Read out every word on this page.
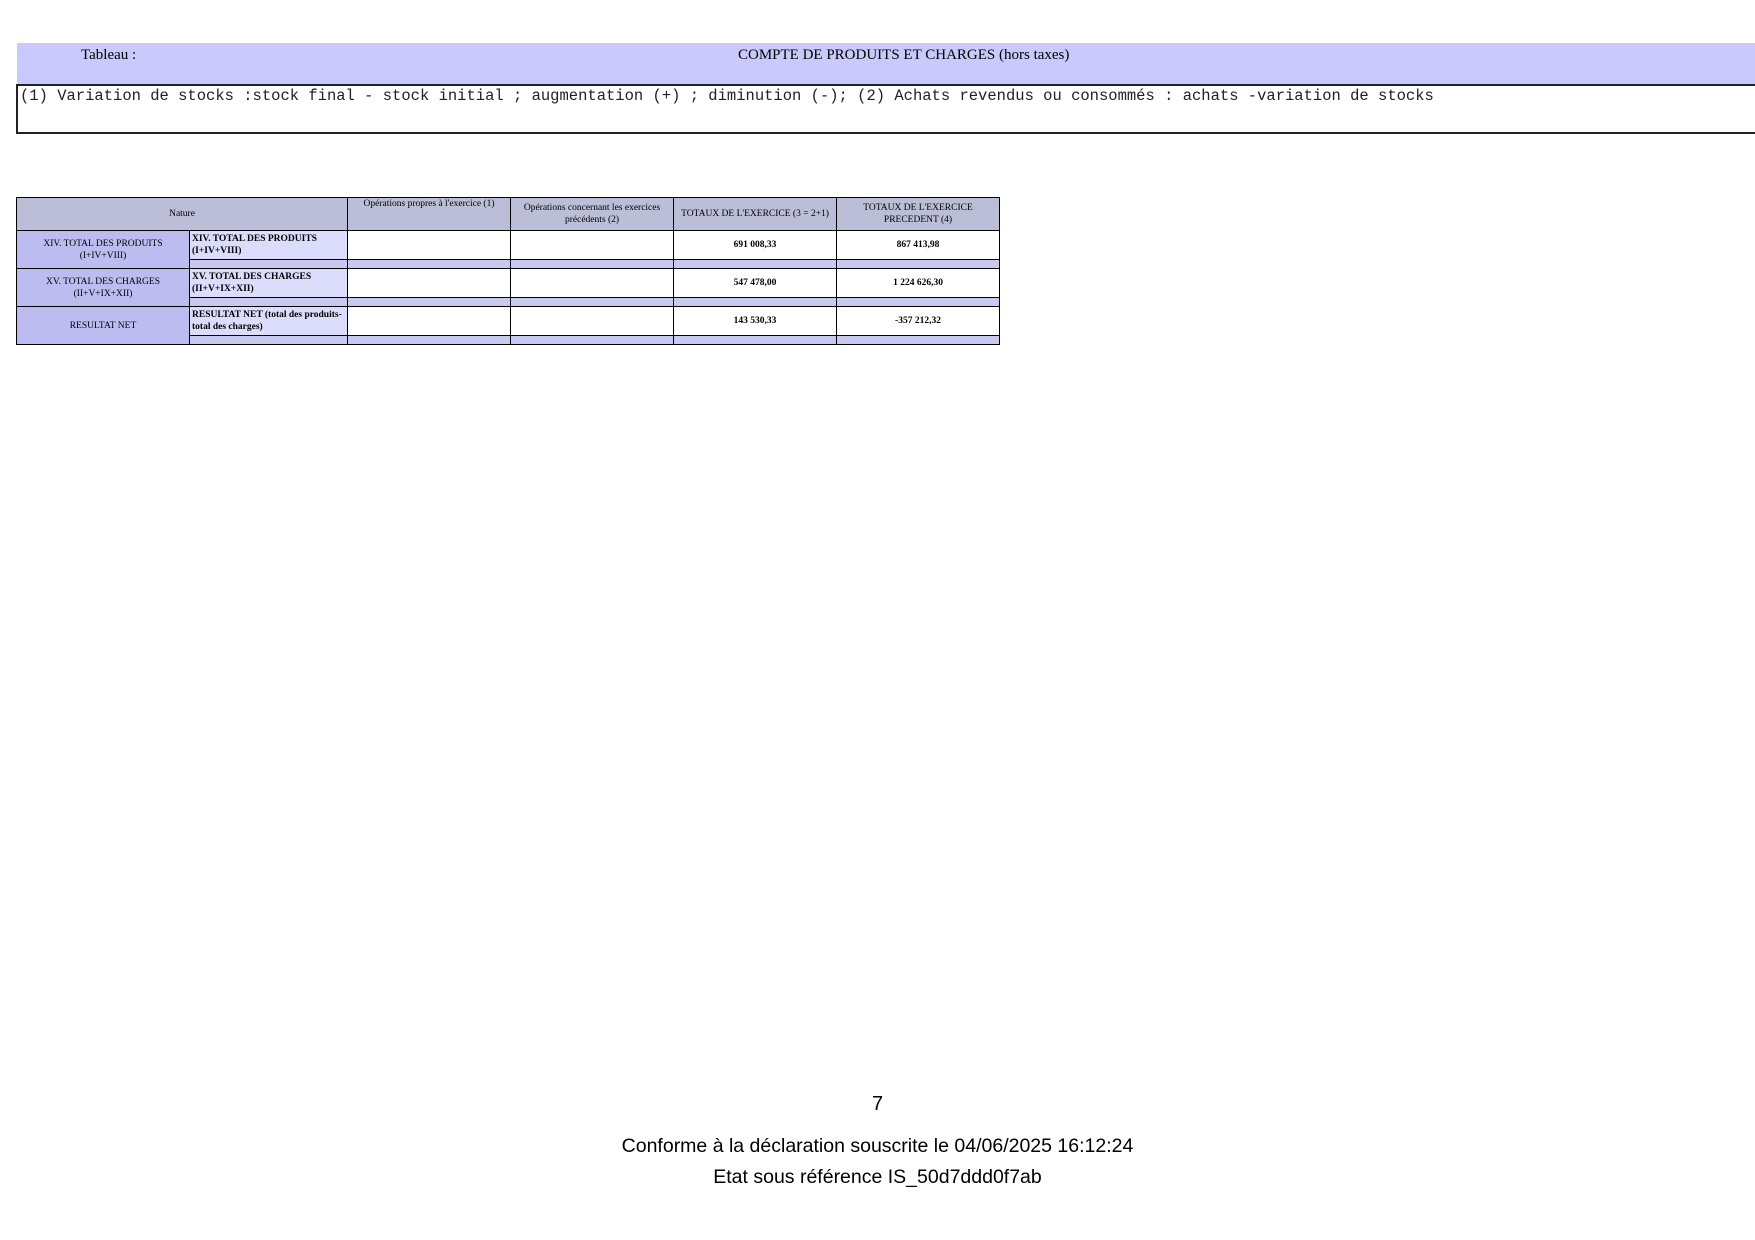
Tableau :	COMPTE DE PRODUITS ET CHARGES (hors taxes)
(1) Variation de stocks :stock final - stock initial ; augmentation (+) ; diminution (-); (2) Achats revendus ou consommés : achats -variation de stocks
Nature		Opérations propres à l'exercice (1)	Opérations concernant les exercices précédents (2)	TOTAUX DE L'EXERCICE (3 = 2+1)	TOTAUX DE L'EXERCICE PRECEDENT (4)
XIV. TOTAL DES PRODUITS (I+IV+VIII)	XIV. TOTAL DES PRODUITS (I+IV+VIII)			691 008,33	867 413,98

XV. TOTAL DES CHARGES (II+V+IX+XII)	XV. TOTAL DES CHARGES (II+V+IX+XII)			547 478,00	1 224 626,30

RESULTAT NET	RESULTAT NET (total des produits-total des charges)			143 530,33	-357 212,32

7
Conforme à la déclaration souscrite le 04/06/2025 16:12:24
Etat sous référence IS_50d7ddd0f7ab
